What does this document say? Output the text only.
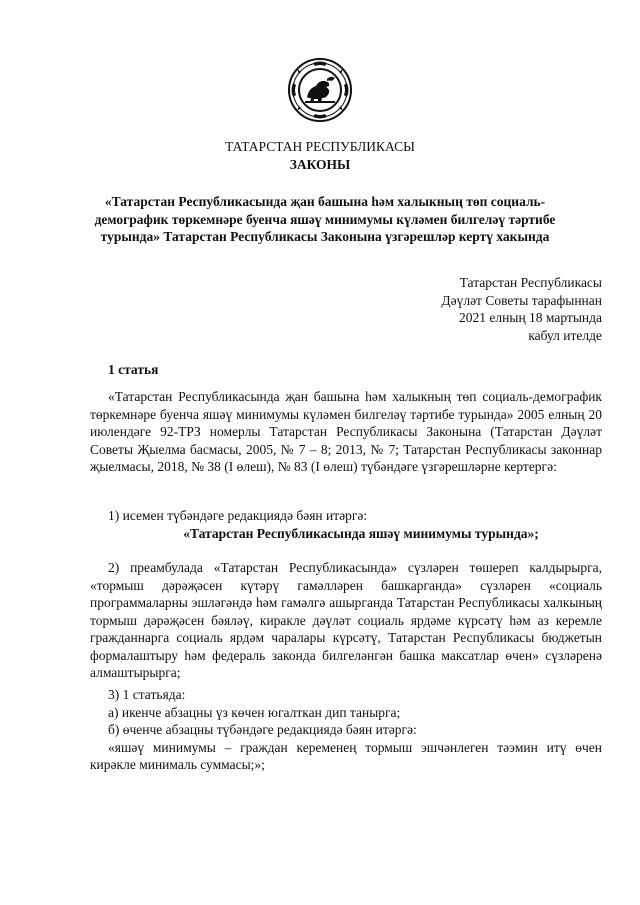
ТАТАРСТАН РЕСПУБЛИКАСЫ
ЗАКОНЫ
«Татарстан Республикасында җан башына һәм халыкның төп социаль-демографик төркемнәре буенча яшәү минимумы күләмен билгеләү тәртибе турында» Татарстан Республикасы Законына үзгәрешләр кертү хакында
Татарстан Республикасы
Дәүләт Советы тарафыннан
2021 елның 18 мартында
кабул ителде
1 статья

«Татарстан Республикасында җан башына һәм халыкның төп социаль-демографик төркемнәре буенча яшәү минимумы күләмен билгеләү тәртибе турында» 2005 елның 20 июлендәге 92-ТРЗ номерлы Татарстан Республикасы Законына (Татарстан Дәүләт Советы Җыелма басмасы, 2005, № 7 – 8; 2013, № 7; Татарстан Республикасы законнар җыелмасы, 2018, № 38 (I өлеш), № 83 (I өлеш) түбәндәге үзгәрешләрне кертергә:

1) исемен түбәндәге редакциядә бәян итәргә:

«Татарстан Республикасында яшәү минимумы турында»;

2) преамбулада «Татарстан Республикасында» сүзләрен төшереп калдырырга, «тормыш дәрәҗәсен күтәрү гамәлләрен башкарганда» сүзләрен «социаль программаларны эшләгәндә һәм гамәлгә ашырганда Татарстан Республикасы халкының тормыш дәрәҗәсен бәяләү, киракле дәүләт социаль ярдәме күрсәтү һәм аз керемле гражданнарга социаль ярдәм чаралары күрсәтү, Татарстан Республикасы бюджетын формалаштыру һәм федераль законда билгеләнгән башка максатлар өчен» сүзләренә алмаштырырга;

3) 1 статьяда:

а) икенче абзацны үз көчен югалткан дип танырга;

б) өченче абзацны түбәндәге редакциядә бәян итәргә:

«яшәү минимумы – граждан кеременең тормыш эшчәнлеген тәэмин итү өчен кирәкле минималь суммасы;»;
